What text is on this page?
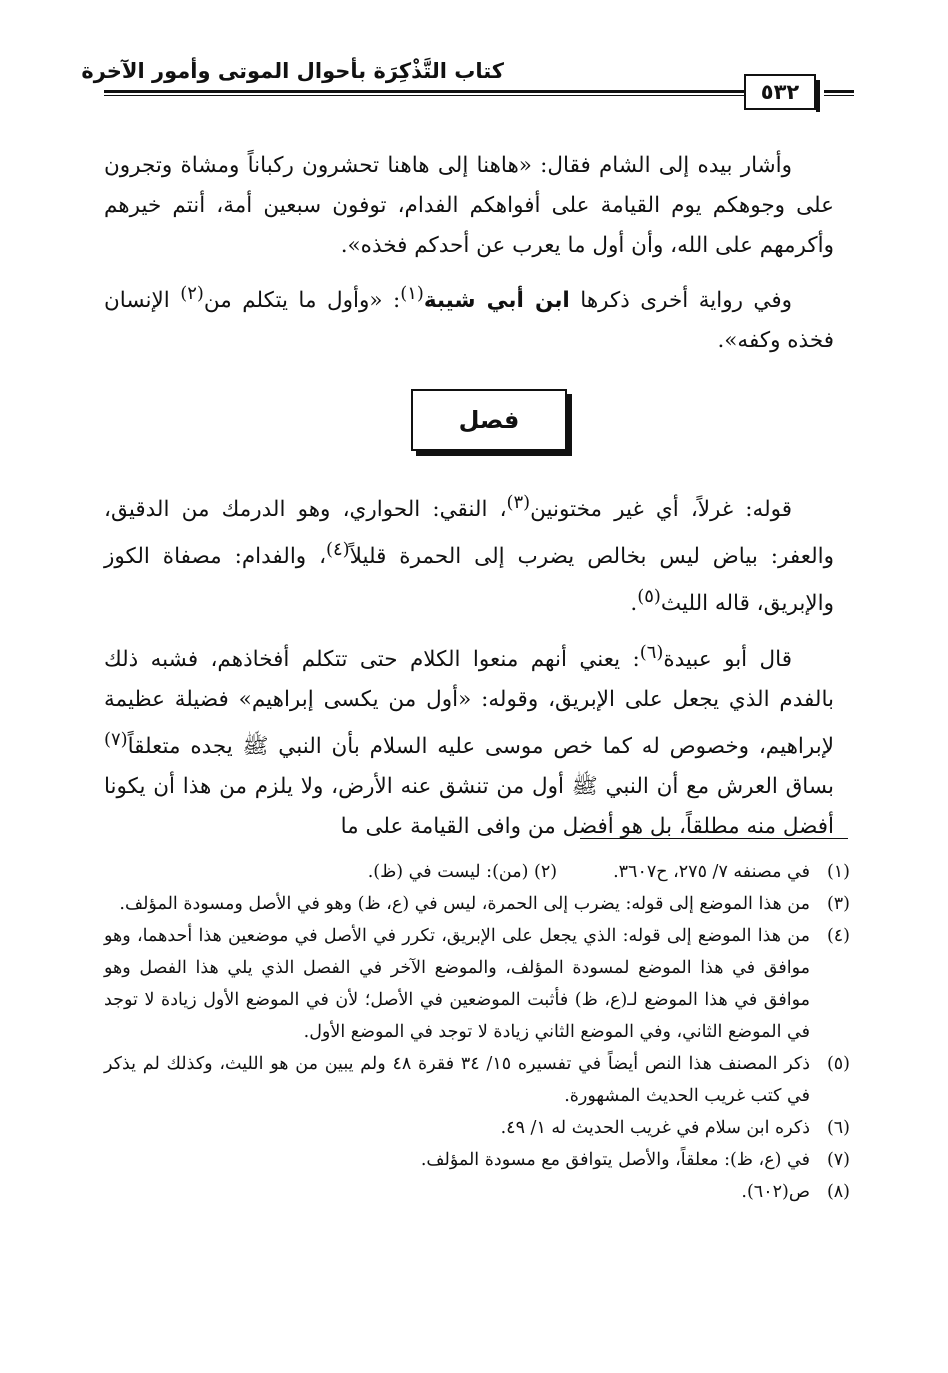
كتاب التَّذْكِرَة بأحوال الموتى وأمور الآخرة
٥٣٢

وأشار بيده إلى الشام فقال: «هاهنا إلى هاهنا تحشرون ركباناً ومشاة وتجرون على وجوهكم يوم القيامة على أفواهكم الفدام، توفون سبعين أمة، أنتم خيرهم وأكرمهم على الله، وأن أول ما يعرب عن أحدكم فخذه».

وفي رواية أخرى ذكرها ابن أبي شيبة$^{(١)}$: «وأول ما يتكلم من$^{(٢)}$ الإنسان فخذه وكفه».

فصل

قوله: غرلاً، أي غير مختونين$^{(٣)}$، النقي: الحواري، وهو الدرمك من الدقيق، والعفر: بياض ليس بخالص يضرب إلى الحمرة قليلاً$^{(٤)}$، والفدام: مصفاة الكوز والإبريق، قاله الليث$^{(٥)}$.

قال أبو عبيدة$^{(٦)}$: يعني أنهم منعوا الكلام حتى تتكلم أفخاذهم، فشبه ذلك بالفدم الذي يجعل على الإبريق، وقوله: «أول من يكسى إبراهيم» فضيلة عظيمة لإبراهيم، وخصوص له كما خص موسى عليه السلام بأن النبي ﷺ يجده متعلقاً$^{(٧)}$ بساق العرش مع أن النبي ﷺ أول من تنشق عنه الأرض، ولا يلزم من هذا أن يكونا أفضل منه مطلقاً، بل هو أفضل من وافى القيامة على ما

(١)
في مصنفه ٧/ ٢٧٥، ح٣٦٠٧.(٢) (من): ليست في (ظ).
(٣)
من هذا الموضع إلى قوله: يضرب إلى الحمرة، ليس في (ع، ظ) وهو في الأصل ومسودة المؤلف.
(٤)
من هذا الموضع إلى قوله: الذي يجعل على الإبريق، تكرر في الأصل في موضعين هذا أحدهما، وهو موافق في هذا الموضع لمسودة المؤلف، والموضع الآخر في الفصل الذي يلي هذا الفصل وهو موافق في هذا الموضع لـ(ع، ظ) فأثبت الموضعين في الأصل؛ لأن في الموضع الأول زيادة لا توجد في الموضع الثاني، وفي الموضع الثاني زيادة لا توجد في الموضع الأول.
(٥)
ذكر المصنف هذا النص أيضاً في تفسيره ١٥/ ٣٤ فقرة ٤٨ ولم يبين من هو الليث، وكذلك لم يذكر في كتب غريب الحديث المشهورة.
(٦)
ذكره ابن سلام في غريب الحديث له ١/ ٤٩.
(٧)
في (ع، ظ): معلقاً، والأصل يتوافق مع مسودة المؤلف.
(٨)
ص(٦٠٢).
